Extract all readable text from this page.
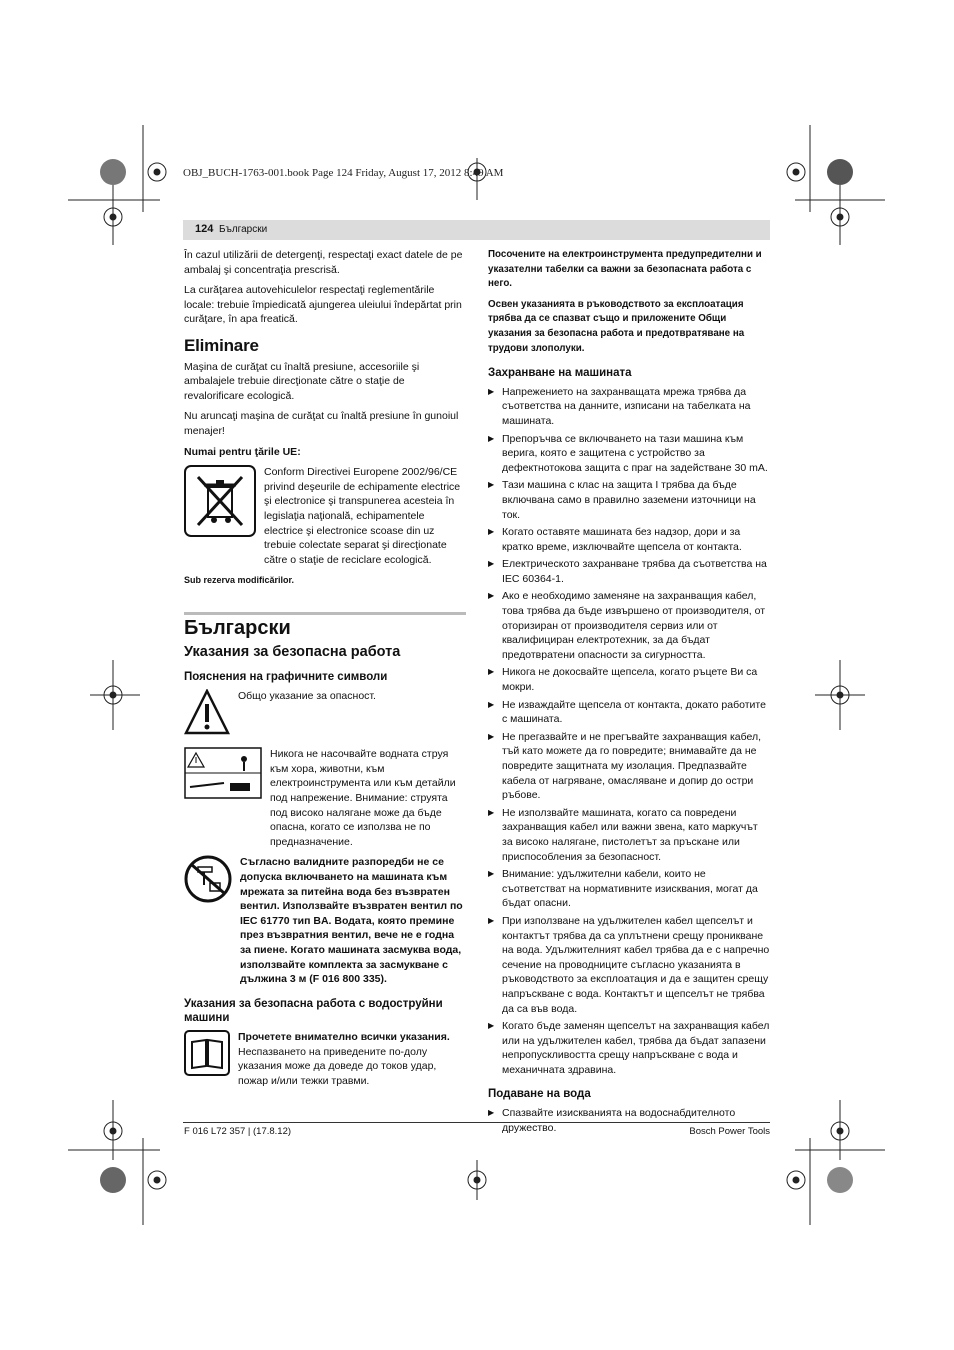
OBJ_BUCH-1763-001.book Page 124 Friday, August 17, 2012 8:49 AM
124 Български

În cazul utilizării de detergenţi, respectaţi exact datele de pe ambalaj şi concentraţia prescrisă.

La curăţarea autovehiculelor respectaţi reglementările locale: trebuie împiedicată ajungerea uleiului îndepărtat prin curăţare, în apa freatică.

Eliminare

Maşina de curăţat cu înaltă presiune, accesoriile şi ambalajele trebuie direcţionate către o staţie de revalorificare ecologică.

Nu aruncaţi maşina de curăţat cu înaltă presiune în gunoiul menajer!

Numai pentru ţările UE:

Conform Directivei Europene 2002/96/CE privind deşeurile de echipamente electrice şi electronice şi transpunerea acesteia în legislaţia naţională, echipamentele electrice şi electronice scoase din uz trebuie colectate separat şi direcţionate către o staţie de reciclare ecologică.

Sub rezerva modificărilor.

Български
Указания за безопасна работа
Пояснения на графичните символи
Общо указание за опасност.
Никога не насочвайте водната струя към хора, животни, към електроинструмента или към детайли под напрежение. Внимание: струята под високо налягане може да бъде опасна, когато се използва не по предназначение.
Съгласно валидните разпоредби не се допуска включването на машината към мрежата за питейна вода без възвратен вентил. Използвайте възвратен вентил по IEC 61770 тип BA. Водата, която премине през възвратния вентил, вече не е годна за пиене. Когато машината засмуква вода, използвайте комплекта за засмукване с дължина 3 м (F 016 800 335).
Указания за безопасна работа с водоструйни машини
Прочетете внимателно всички указания.
Неспазването на приведените по-долу указания може да доведе до токов удар, пожар и/или тежки травми.

Посочените на електроинструмента предупредителни и указателни табелки са важни за безопасната работа с него.

Освен указанията в ръководството за експлоатация трябва да се спазват също и приложените Общи указания за безопасна работа и предотвратяване на трудови злополуки.

Захранване на машината
▶ Напрежението на захранващата мрежа трябва да съответства на данните, изписани на табелката на машината.
▶ Препоръчва се включването на тази машина към верига, която е защитена с устройство за дефектнотокова защита с праг на задействане 30 mA.
▶ Тази машина с клас на защита I трябва да бъде включвана само в правилно заземени източници на ток.
▶ Когато оставяте машината без надзор, дори и за кратко време, изключвайте щепсела от контакта.
▶ Електрическото захранване трябва да съответства на IEC 60364-1.
▶ Ако е необходимо заменяне на захранващия кабел, това трябва да бъде извършено от производителя, от оторизиран от производителя сервиз или от квалифициран електротехник, за да бъдат предотвратени опасности за сигурността.
▶ Никога не докосвайте щепсела, когато ръцете Ви са мокри.
▶ Не изваждайте щепсела от контакта, докато работите с машината.
▶ Не прегазвайте и не прегъвайте захранващия кабел, тъй като можете да го повредите; внимавайте да не повредите защитната му изолация. Предпазвайте кабела от нагряване, омасляване и допир до остри ръбове.
▶ Не използвайте машината, когато са повредени захранващия кабел или важни звена, като маркучът за високо налягане, пистолетът за пръскане или приспособления за безопасност.
▶ Внимание: удължителни кабели, които не съответстват на нормативните изисквания, могат да бъдат опасни.
▶ При използване на удължителен кабел щепселът и контактът трябва да са уплътнени срещу проникване на вода. Удължителният кабел трябва да е с напречно сечение на проводниците съгласно указанията в ръководството за експлоатация и да е защитен срещу напръскване с вода. Контактът и щепселът не трябва да са във вода.
▶ Когато бъде заменян щепселът на захранващия кабел или на удължителен кабел, трябва да бъдат запазени непропускливостта срещу напръскване с вода и механичната здравина.
Подаване на вода
▶ Спазвайте изискванията на водоснабдителното дружество.
F 016 L72 357 | (17.8.12)	Bosch Power Tools
